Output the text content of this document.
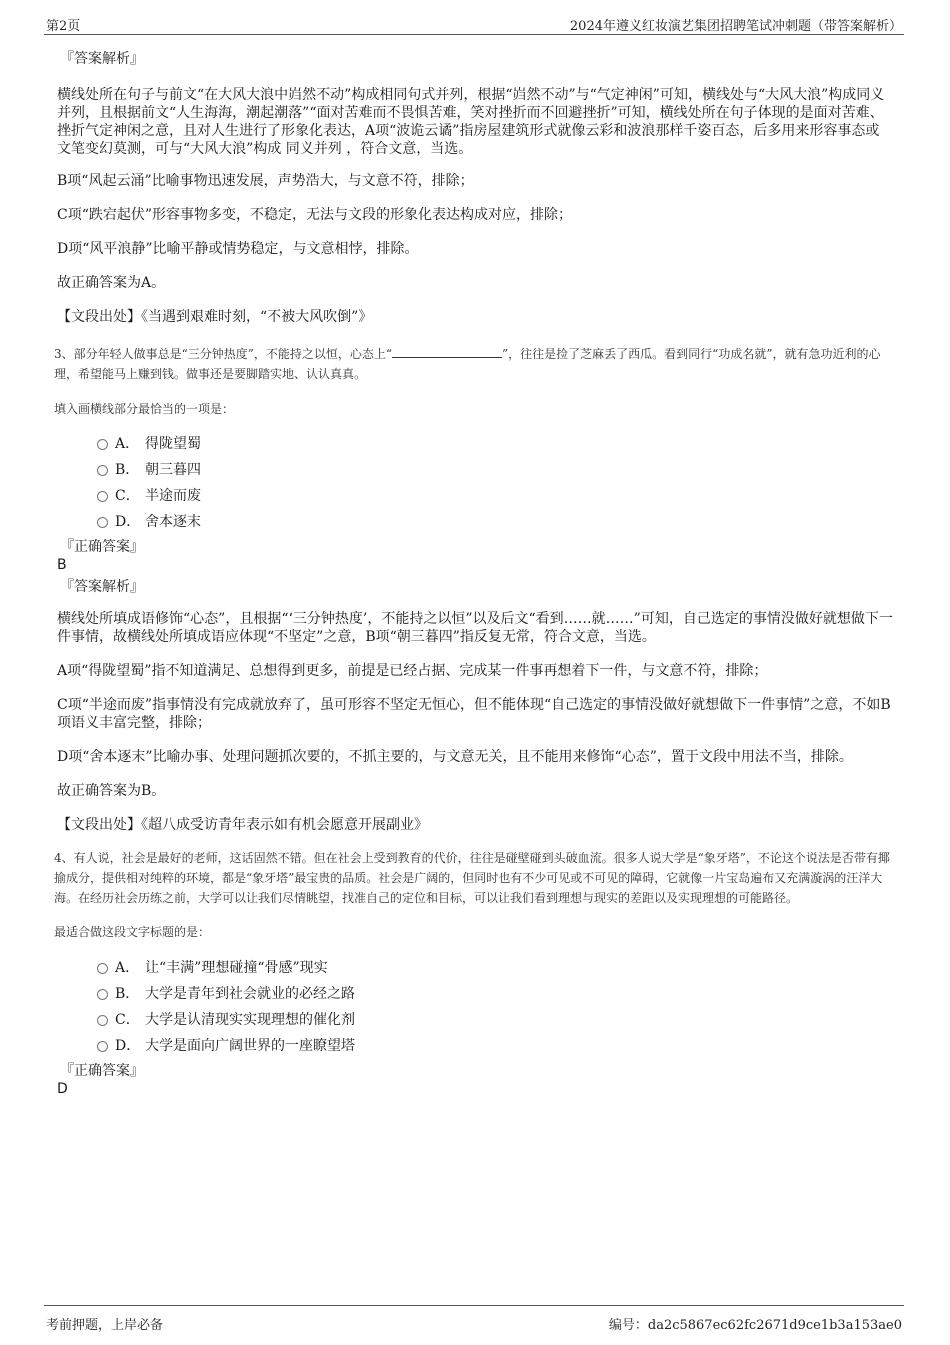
第2页	2024年遵义红妆演艺集团招聘笔试冲刺题（带答案解析）

『答案解析』

横线处所在句子与前文“在大风大浪中岿然不动”构成相同句式并列，根据“岿然不动”与“气定神闲”可知，横线处与“大风大浪”构成同义并列，且根据前文“人生海海，潮起潮落”“面对苦难而不畏惧苦难，笑对挫折而不回避挫折”可知，横线处所在句子体现的是面对苦难、挫折气定神闲之意，且对人生进行了形象化表达，A项“波诡云谲”指房屋建筑形式就像云彩和波浪那样千姿百态，后多用来形容事态或文笔变幻莫测，可与“大风大浪”构成 同义并列 ，符合文意，当选。

B项“风起云涌”比喻事物迅速发展，声势浩大，与文意不符，排除；

C项“跌宕起伏”形容事物多变，不稳定，无法与文段的形象化表达构成对应，排除；

D项“风平浪静”比喻平静或情势稳定，与文意相悖，排除。

故正确答案为A。

【文段出处】《当遇到艰难时刻，“不被大风吹倒”》

3、部分年轻人做事总是“三分钟热度”，不能持之以恒，心态上“	”，往往是捡了芝麻丢了西瓜。看到同行“功成名就”，就有急功近利的心理，希望能马上赚到钱。做事还是要脚踏实地、认认真真。

填入画横线部分最恰当的一项是：

A． 得陇望蜀
B． 朝三暮四
C． 半途而废
D． 舍本逐末

『正确答案』

B

『答案解析』

横线处所填成语修饰“心态”，且根据“‘三分钟热度’，不能持之以恒”以及后文“看到……就……”可知，自己选定的事情没做好就想做下一件事情，故横线处所填成语应体现“不坚定”之意，B项“朝三暮四”指反复无常，符合文意，当选。

A项“得陇望蜀”指不知道满足、总想得到更多，前提是已经占据、完成某一件事再想着下一件，与文意不符，排除；

C项“半途而废”指事情没有完成就放弃了，虽可形容不坚定无恒心，但不能体现“自己选定的事情没做好就想做下一件事情”之意，不如B项语义丰富完整，排除；

D项“舍本逐末”比喻办事、处理问题抓次要的，不抓主要的，与文意无关，且不能用来修饰“心态”，置于文段中用法不当，排除。

故正确答案为B。

【文段出处】《超八成受访青年表示如有机会愿意开展副业》

4、有人说，社会是最好的老师，这话固然不错。但在社会上受到教育的代价，往往是碰壁碰到头破血流。很多人说大学是“象牙塔”，不论这个说法是否带有揶揄成分，提供相对纯粹的环境，都是“象牙塔”最宝贵的品质。社会是广阔的，但同时也有不少可见或不可见的障碍，它就像一片宝岛遍布又充满漩涡的汪洋大海。在经历社会历练之前，大学可以让我们尽情眺望，找准自己的定位和目标，可以让我们看到理想与现实的差距以及实现理想的可能路径。

最适合做这段文字标题的是：

A． 让“丰满”理想碰撞“骨感”现实
B． 大学是青年到社会就业的必经之路
C． 大学是认清现实实现理想的催化剂
D． 大学是面向广阔世界的一座瞭望塔

『正确答案』

D

考前押题，上岸必备	编号：da2c5867ec62fc2671d9ce1b3a153ae0
